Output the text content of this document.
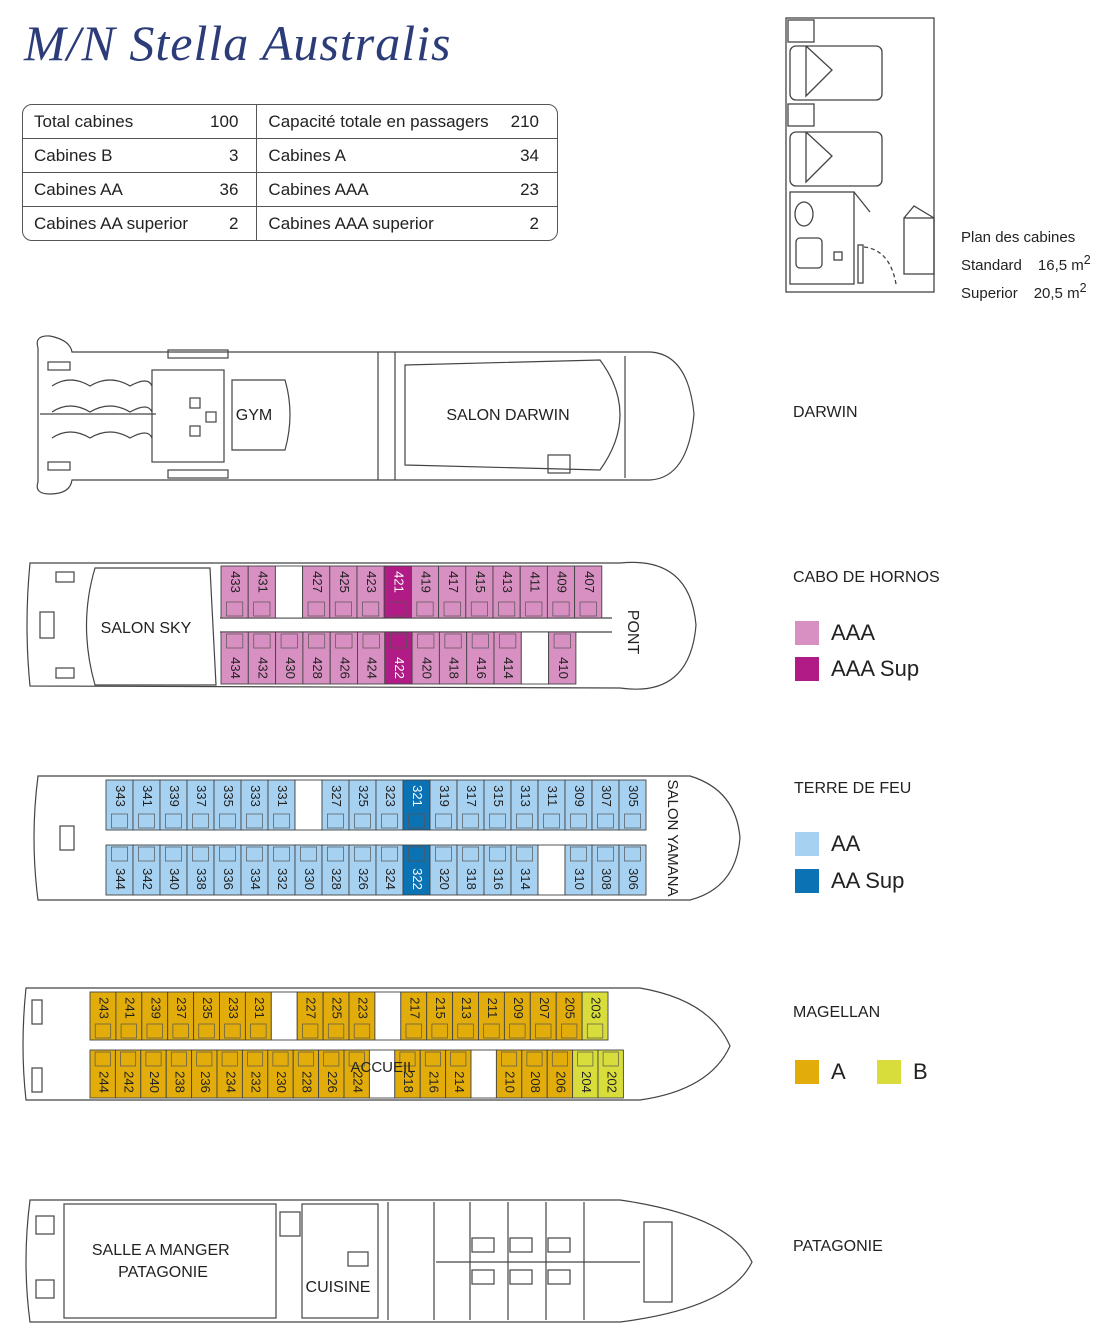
M/N Stella Australis
Total cabines	100	Capacité totale en passagers	210
Cabines B	3	Cabines A	34
Cabines AA	36	Cabines AAA	23
Cabines AA superior	2	Cabines AAA superior	2
Plan des cabines
Standard 16,5 $m^2$
Superior 20,5 $m^2$
GYM	SALON DARWIN
433 431	427 425 423 421 419 417 415 413 411 409 407
434 432 430 428 426 424 422 420 418 416 414	410
SALON SKY	PONT
343 341 339 337 335 333 331	327 325 323 321 319 317 315 313 311 309 307 305
344 342 340 338 336 334 332 330 328 326 324 322 320 318 316 314	310 308 306 SALON YAMANA
243 241 239 237 235 233 231	227 225 223	217 215 213 211 209 207 205 203
244 242 240 238 236 234 232 230 228 226 224	218 216 214	210 208 206 204 202
ACCUEIL
SALLE A MANGER PATAGONIE
CUISINE
DARWIN
CABO DE HORNOS
AAA
AAA Sup
TERRE DE FEU
AA
AA Sup
MAGELLAN
A	B
PATAGONIE
